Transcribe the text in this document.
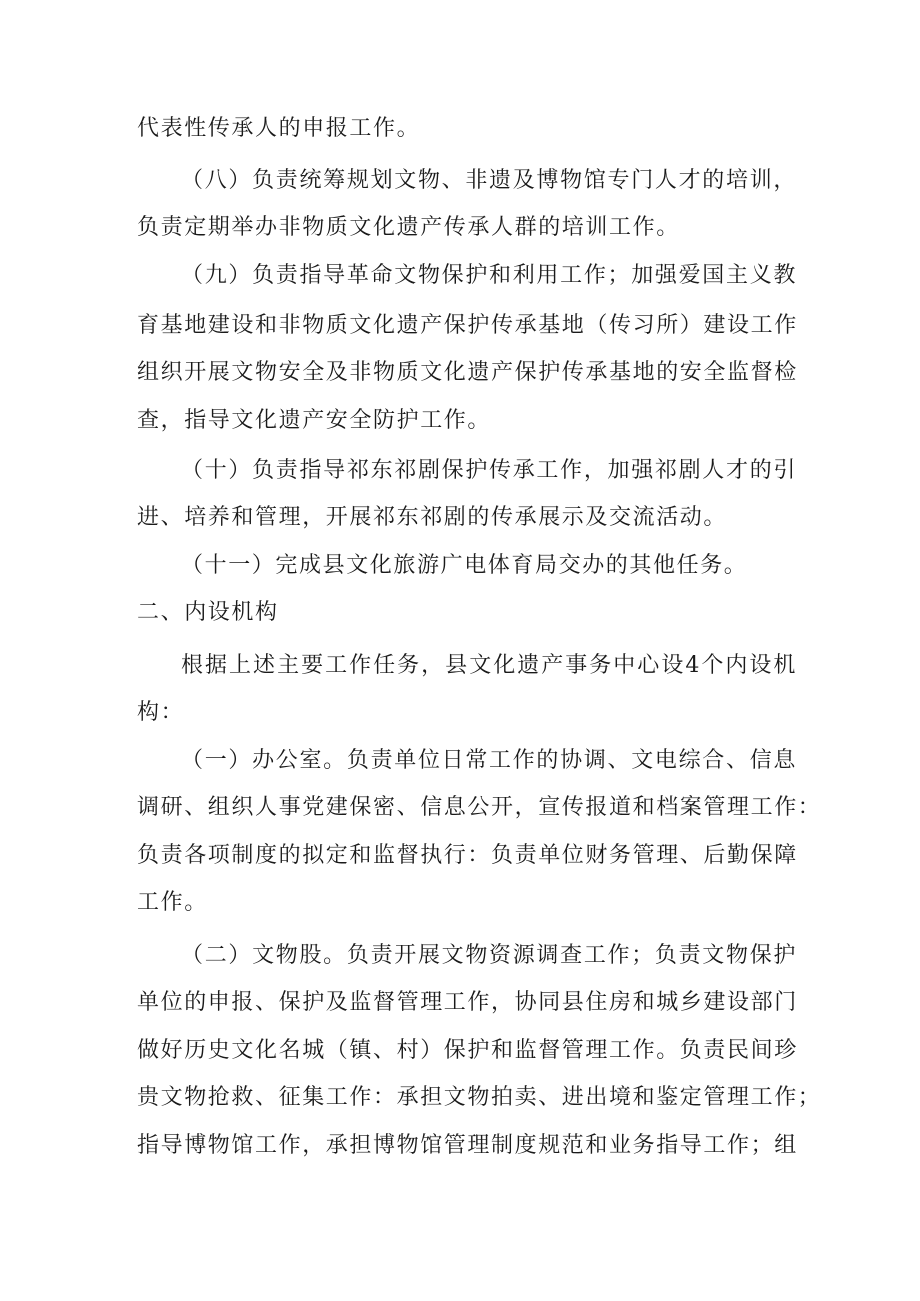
代表性传承人的申报工作。
（八）负责统筹规划文物、非遗及博物馆专门人才的培训，
负责定期举办非物质文化遗产传承人群的培训工作。
（九）负责指导革命文物保护和利用工作；加强爱国主义教
育基地建设和非物质文化遗产保护传承基地（传习所）建设工作
组织开展文物安全及非物质文化遗产保护传承基地的安全监督检
查，指导文化遗产安全防护工作。
（十）负责指导祁东祁剧保护传承工作，加强祁剧人才的引
进、培养和管理，开展祁东祁剧的传承展示及交流活动。
（十一）完成县文化旅游广电体育局交办的其他任务。
二、内设机构
根据上述主要工作任务，县文化遗产事务中心设4个内设机
构：
（一）办公室。负责单位日常工作的协调、文电综合、信息
调研、组织人事党建保密、信息公开，宣传报道和档案管理工作：
负责各项制度的拟定和监督执行：负责单位财务管理、后勤保障
工作。
（二）文物股。负责开展文物资源调查工作；负责文物保护
单位的申报、保护及监督管理工作，协同县住房和城乡建设部门
做好历史文化名城（镇、村）保护和监督管理工作。负责民间珍
贵文物抢救、征集工作：承担文物拍卖、进出境和鉴定管理工作；
指导博物馆工作，承担博物馆管理制度规范和业务指导工作；组
